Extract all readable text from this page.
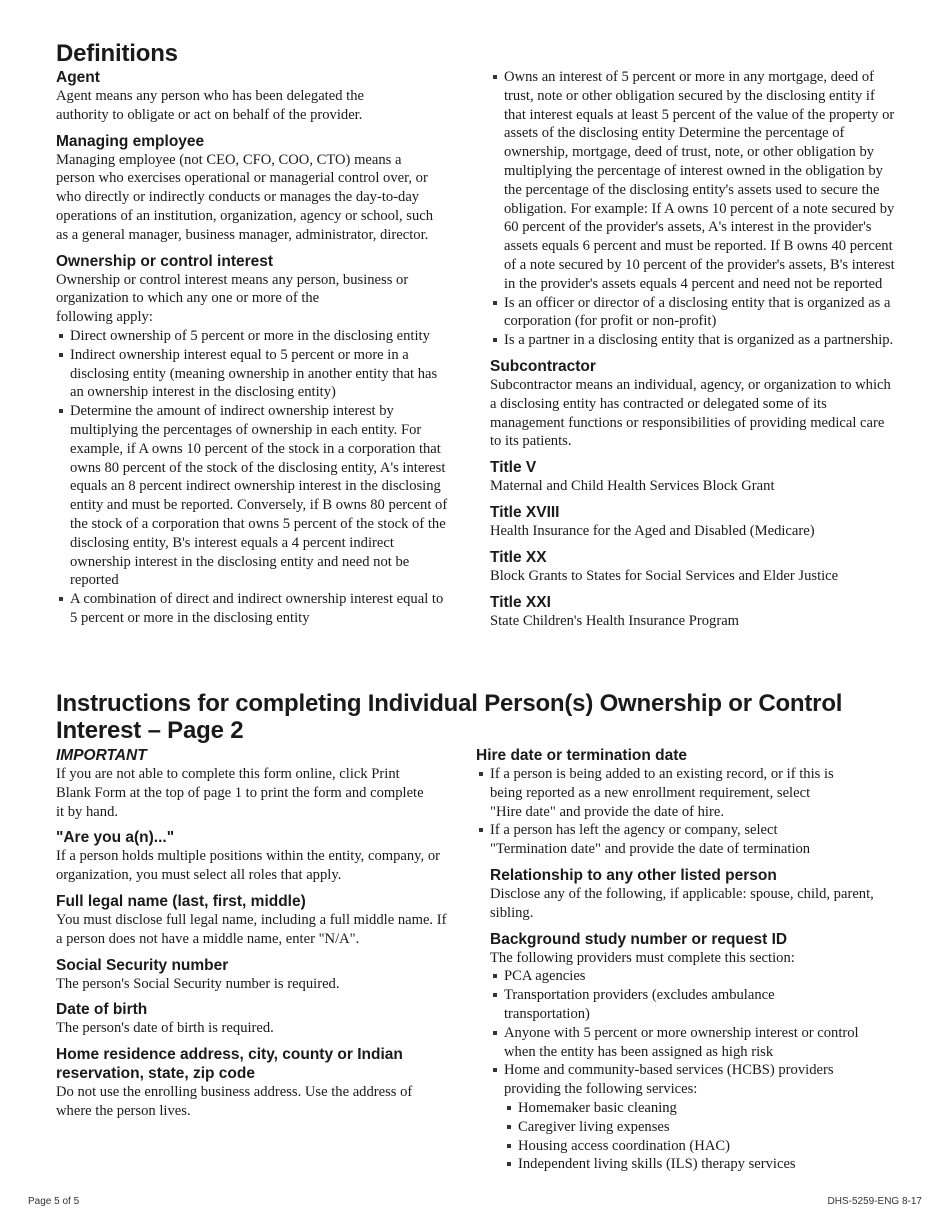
Definitions
Agent

Agent means any person who has been delegated the authority to obligate or act on behalf of the provider.

Managing employee

Managing employee (not CEO, CFO, COO, CTO) means a person who exercises operational or managerial control over, or who directly or indirectly conducts or manages the day-to-day operations of an institution, organization, agency or school, such as a general manager, business manager, administrator, director.

Ownership or control interest

Ownership or control interest means any person, business or organization to which any one or more of the

following apply:

Direct ownership of 5 percent or more in the disclosing entity
Indirect ownership interest equal to 5 percent or more in a disclosing entity (meaning ownership in another entity that has an ownership interest in the disclosing entity)
Determine the amount of indirect ownership interest by multiplying the percentages of ownership in each entity. For example, if A owns 10 percent of the stock in a corporation that owns 80 percent of the stock of the disclosing entity, A's interest equals an 8 percent indirect ownership interest in the disclosing entity and must be reported. Conversely, if B owns 80 percent of the stock of a corporation that owns 5 percent of the stock of the disclosing entity, B's interest equals a 4 percent indirect ownership interest in the disclosing entity and need not be reported
A combination of direct and indirect ownership interest equal to 5 percent or more in the disclosing entity
Owns an interest of 5 percent or more in any mortgage, deed of trust, note or other obligation secured by the disclosing entity if that interest equals at least 5 percent of the value of the property or assets of the disclosing entity Determine the percentage of ownership, mortgage, deed of trust, note, or other obligation by multiplying the percentage of interest owned in the obligation by the percentage of the disclosing entity's assets used to secure the obligation. For example: If A owns 10 percent of a note secured by 60 percent of the provider's assets, A's interest in the provider's assets equals 6 percent and must be reported. If B owns 40 percent of a note secured by 10 percent of the provider's assets, B's interest in the provider's assets equals 4 percent and need not be reported
Is an officer or director of a disclosing entity that is organized as a corporation (for profit or non-profit)
Is a partner in a disclosing entity that is organized as a partnership.
Subcontractor

Subcontractor means an individual, agency, or organization to which a disclosing entity has contracted or delegated some of its management functions or responsibilities of providing medical care to its patients.

Title V

Maternal and Child Health Services Block Grant

Title XVIII

Health Insurance for the Aged and Disabled (Medicare)

Title XX

Block Grants to States for Social Services and Elder Justice

Title XXI

State Children's Health Insurance Program

Instructions for completing Individual Person(s) Ownership or Control
Interest – Page 2
IMPORTANT

If you are not able to complete this form online, click Print Blank Form at the top of page 1 to print the form and complete it by hand.

"Are you a(n)..."

If a person holds multiple positions within the entity, company, or organization, you must select all roles that apply.

Full legal name (last, first, middle)

You must disclose full legal name, including a full middle name. If a person does not have a middle name, enter "N/A".

Social Security number

The person's Social Security number is required.

Date of birth

The person's date of birth is required.

Home residence address, city, county or Indian reservation, state, zip code

Do not use the enrolling business address. Use the address of where the person lives.

Hire date or termination date
If a person is being added to an existing record, or if this is being reported as a new enrollment requirement, select "Hire date" and provide the date of hire.
If a person has left the agency or company, select "Termination date" and provide the date of termination
Relationship to any other listed person

Disclose any of the following, if applicable: spouse, child, parent, sibling.

Background study number or request ID

The following providers must complete this section:

PCA agencies
Transportation providers (excludes ambulance transportation)
Anyone with 5 percent or more ownership interest or control when the entity has been assigned as high risk
Home and community-based services (HCBS) providers providing the following services:
Homemaker basic cleaning
Caregiver living expenses
Housing access coordination (HAC)
Independent living skills (ILS) therapy services
Page 5 of 5	DHS-5259-ENG 8-17
